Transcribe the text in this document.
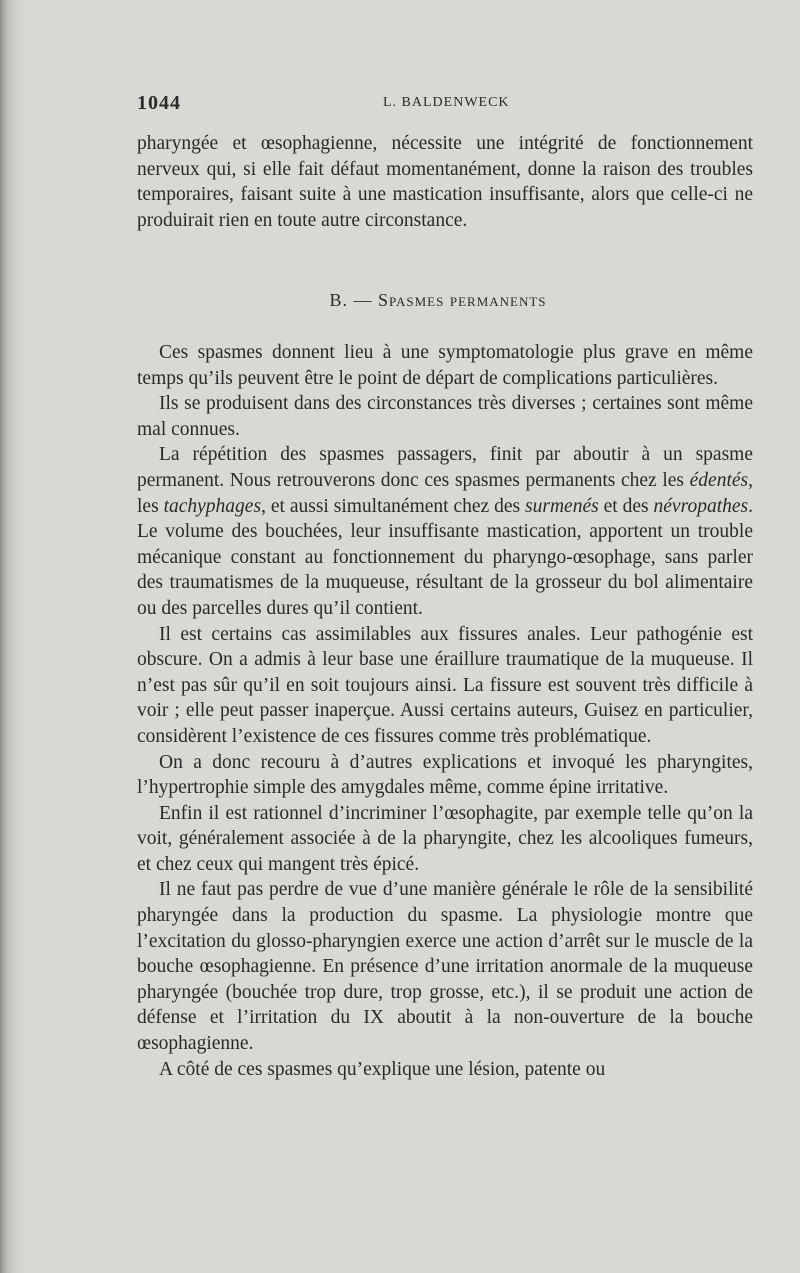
1044	L. BALDENWECK

pharyngée et œsophagienne, nécessite une intégrité de fonctionnement nerveux qui, si elle fait défaut momentanément, donne la raison des troubles temporaires, faisant suite à une mastication insuffisante, alors que celle-ci ne produirait rien en toute autre circonstance.

B. — Spasmes permanents

Ces spasmes donnent lieu à une symptomatologie plus grave en même temps qu’ils peuvent être le point de départ de complications particulières.

Ils se produisent dans des circonstances très diverses ; certaines sont même mal connues.

La répétition des spasmes passagers, finit par aboutir à un spasme permanent. Nous retrouverons donc ces spasmes permanents chez les édentés, les tachyphages, et aussi simultanément chez des surmenés et des névropathes. Le volume des bouchées, leur insuffisante mastication, apportent un trouble mécanique constant au fonctionnement du pharyngo-œsophage, sans parler des traumatismes de la muqueuse, résultant de la grosseur du bol alimentaire ou des parcelles dures qu’il contient.

Il est certains cas assimilables aux fissures anales. Leur pathogénie est obscure. On a admis à leur base une éraillure traumatique de la muqueuse. Il n’est pas sûr qu’il en soit toujours ainsi. La fissure est souvent très difficile à voir ; elle peut passer inaperçue. Aussi certains auteurs, Guisez en particulier, considèrent l’existence de ces fissures comme très problématique.

On a donc recouru à d’autres explications et invoqué les pharyngites, l’hypertrophie simple des amygdales même, comme épine irritative.

Enfin il est rationnel d’incriminer l’œsophagite, par exemple telle qu’on la voit, généralement associée à de la pharyngite, chez les alcooliques fumeurs, et chez ceux qui mangent très épicé.

Il ne faut pas perdre de vue d’une manière générale le rôle de la sensibilité pharyngée dans la production du spasme. La physiologie montre que l’excitation du glosso-pharyngien exerce une action d’arrêt sur le muscle de la bouche œsophagienne. En présence d’une irritation anormale de la muqueuse pharyngée (bouchée trop dure, trop grosse, etc.), il se produit une action de défense et l’irritation du IX aboutit à la non-ouverture de la bouche œsophagienne.

A côté de ces spasmes qu’explique une lésion, patente ou
